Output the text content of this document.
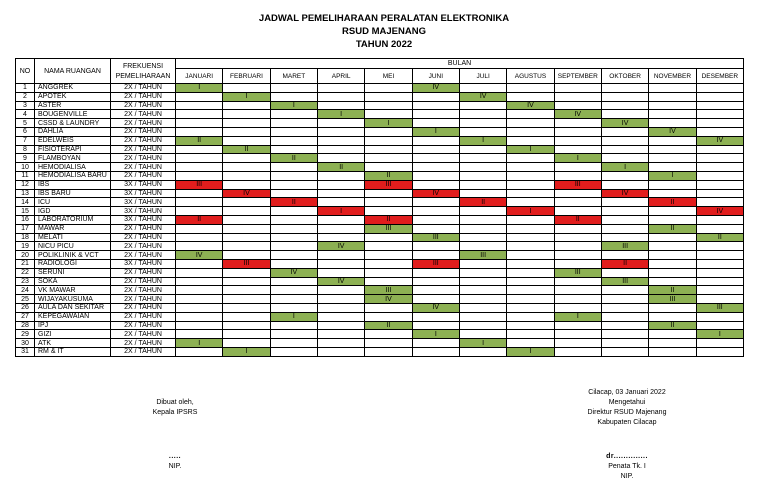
JADWAL PEMELIHARAAN PERALATAN ELEKTRONIKA
RSUD MAJENANG
TAHUN 2022
NO	NAMA RUANGAN	FREKUENSI
PEMELIHARAAN	BULAN											
			JANUARI	FEBRUARI	MARET	APRIL	MEI	JUNI	JULI	AGUSTUS	SEPTEMBER	OKTOBER	NOVEMBER	DESEMBER
1	ANGGREK	2X / TAHUN	I					IV						
2	APOTEK	2X / TAHUN		I					IV					
3	ASTER	2X / TAHUN			I					IV				
4	BOUGENVILLE	2X / TAHUN				I					IV			
5	CSSD & LAUNDRY	2X / TAHUN					I					IV		
6	DAHLIA	2X / TAHUN						I					IV	
7	EDELWEIS	2X / TAHUN	II						I					IV
8	FISIOTERAPI	2X / TAHUN		II						I				
9	FLAMBOYAN	2X / TAHUN			II						I			
10	HEMODIALISA	2X / TAHUN				II						I		
11	HEMODIALISA BARU	2X / TAHUN					II						I	
12	IBS	3X / TAHUN	III				III				III			
13	IBS BARU	3X / TAHUN		IV				IV				IV		
14	ICU	3X / TAHUN			II				II				II	
15	IGD	3X / TAHUN				I				I				IV
16	LABORATORIUM	3X / TAHUN	II				II				II			
17	MAWAR	2X / TAHUN					III						II	
18	MELATI	2X / TAHUN						III						II
19	NICU PICU	2X / TAHUN				IV						III		
20	POLIKLINIK & VCT	2X / TAHUN	IV						III					
21	RADIOLOGI	3X / TAHUN		III				III				II		
22	SERUNI	2X / TAHUN			IV						III			
23	SOKA	2X / TAHUN				IV						III		
24	VK MAWAR	2X / TAHUN					III						II	
25	WIJAYAKUSUMA	2X / TAHUN					IV						III	
26	AULA DAN SEKITAR	2X / TAHUN						IV						III
27	KEPEGAWAIAN	2X / TAHUN			I						I			
28	IPJ	2X / TAHUN					II						II	
29	GIZI	2X / TAHUN						I						I
30	ATK	2X / TAHUN	I						I					
31	RM & IT	2X / TAHUN		I						I				
Dibuat oleh,
Kepala IPSRS
.....
NIP.
Cilacap, 03 Januari 2022
Mengetahui
Direktur RSUD Majenang
Kabupaten Cilacap
dr..............
Penata Tk. I
NIP.
